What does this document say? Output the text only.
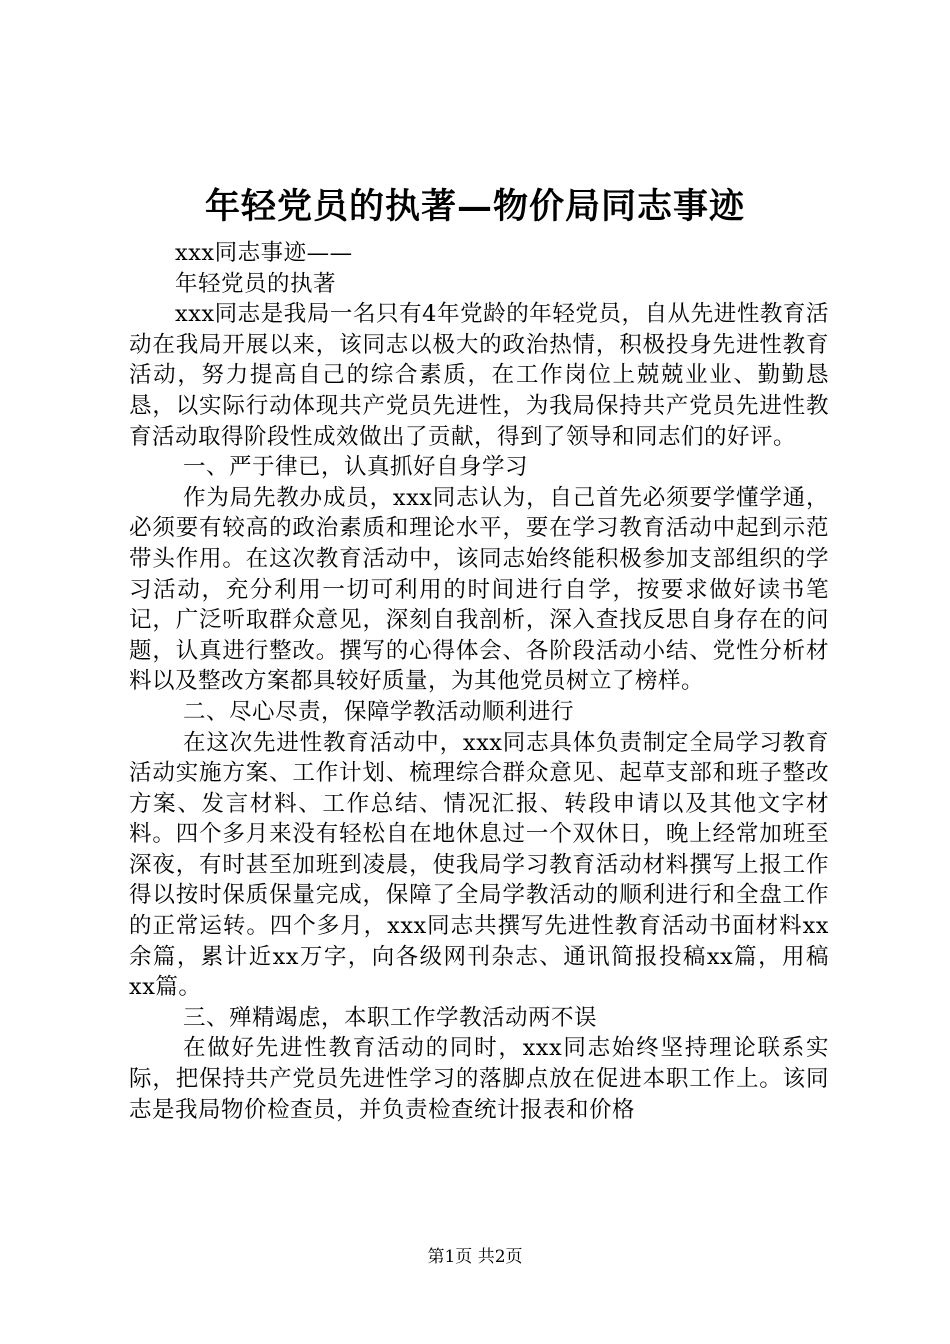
年轻党员的执著—物价局同志事迹

xxx同志事迹——

年轻党员的执著

xxx同志是我局一名只有4年党龄的年轻党员，自从先进性教育活动在我局开展以来，该同志以极大的政治热情，积极投身先进性教育活动，努力提高自己的综合素质，在工作岗位上兢兢业业、勤勤恳恳，以实际行动体现共产党员先进性，为我局保持共产党员先进性教育活动取得阶段性成效做出了贡献，得到了领导和同志们的好评。

一、严于律已，认真抓好自身学习

作为局先教办成员，xxx同志认为，自己首先必须要学懂学通，必须要有较高的政治素质和理论水平，要在学习教育活动中起到示范带头作用。在这次教育活动中，该同志始终能积极参加支部组织的学习活动，充分利用一切可利用的时间进行自学，按要求做好读书笔记，广泛听取群众意见，深刻自我剖析，深入查找反思自身存在的问题，认真进行整改。撰写的心得体会、各阶段活动小结、党性分析材料以及整改方案都具较好质量，为其他党员树立了榜样。

二、尽心尽责，保障学教活动顺利进行

在这次先进性教育活动中，xxx同志具体负责制定全局学习教育活动实施方案、工作计划、梳理综合群众意见、起草支部和班子整改方案、发言材料、工作总结、情况汇报、转段申请以及其他文字材料。四个多月来没有轻松自在地休息过一个双休日，晚上经常加班至深夜，有时甚至加班到凌晨，使我局学习教育活动材料撰写上报工作得以按时保质保量完成，保障了全局学教活动的顺利进行和全盘工作的正常运转。四个多月，xxx同志共撰写先进性教育活动书面材料xx余篇，累计近xx万字，向各级网刊杂志、通讯简报投稿xx篇，用稿xx篇。

三、殚精竭虑，本职工作学教活动两不误

在做好先进性教育活动的同时，xxx同志始终坚持理论联系实际，把保持共产党员先进性学习的落脚点放在促进本职工作上。该同志是我局物价检查员，并负责检查统计报表和价格

第1页 共2页
